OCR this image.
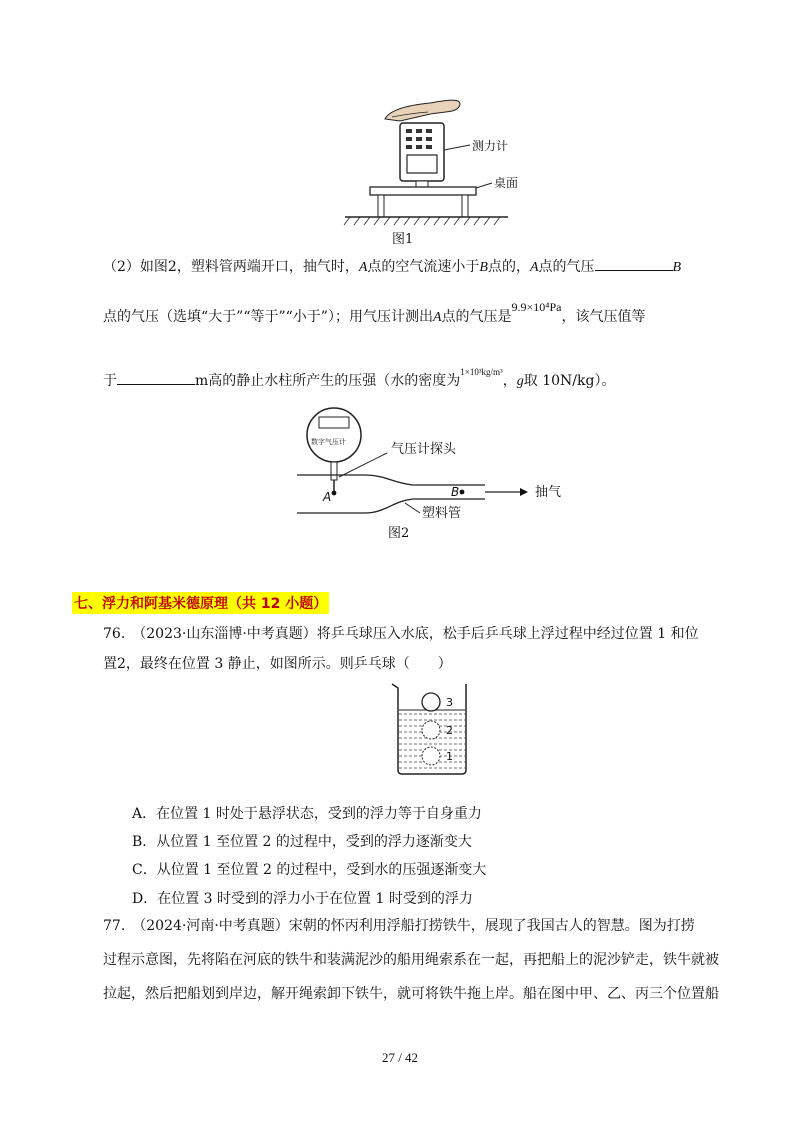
测力计
桌面
图1
（2）如图2，塑料管两端开口，抽气时，A点的空气流速小于B点的，A点的气压	B
点的气压（选填“大于”“等于”“小于”）；用气压计测出A点的气压是9.9×10⁴Pa，该气压值等
于	m高的静止水柱所产生的压强（水的密度为$^{1\times 10^3kg/m^3}$，g取 10N/kg）。
数字气压计	气压计探头
A	B	抽气
塑料管
图2
七、浮力和阿基米德原理（共 12 小题）
76.　（2023·山东淄博·中考真题）将乒乓球压入水底，松手后乒乓球上浮过程中经过位置 1 和位
置2，最终在位置 3 静止，如图所示。则乒乓球（　　）
3
2
1
A．在位置 1 时处于悬浮状态，受到的浮力等于自身重力
B．从位置 1 至位置 2 的过程中，受到的浮力逐渐变大
C．从位置 1 至位置 2 的过程中，受到水的压强逐渐变大
D．在位置 3 时受到的浮力小于在位置 1 时受到的浮力
77.　（2024·河南·中考真题）宋朝的怀丙利用浮船打捞铁牛，展现了我国古人的智慧。图为打捞
过程示意图，先将陷在河底的铁牛和装满泥沙的船用绳索系在一起，再把船上的泥沙铲走，铁牛就被
拉起，然后把船划到岸边，解开绳索卸下铁牛，就可将铁牛拖上岸。船在图中甲、乙、丙三个位置船
27 / 42
